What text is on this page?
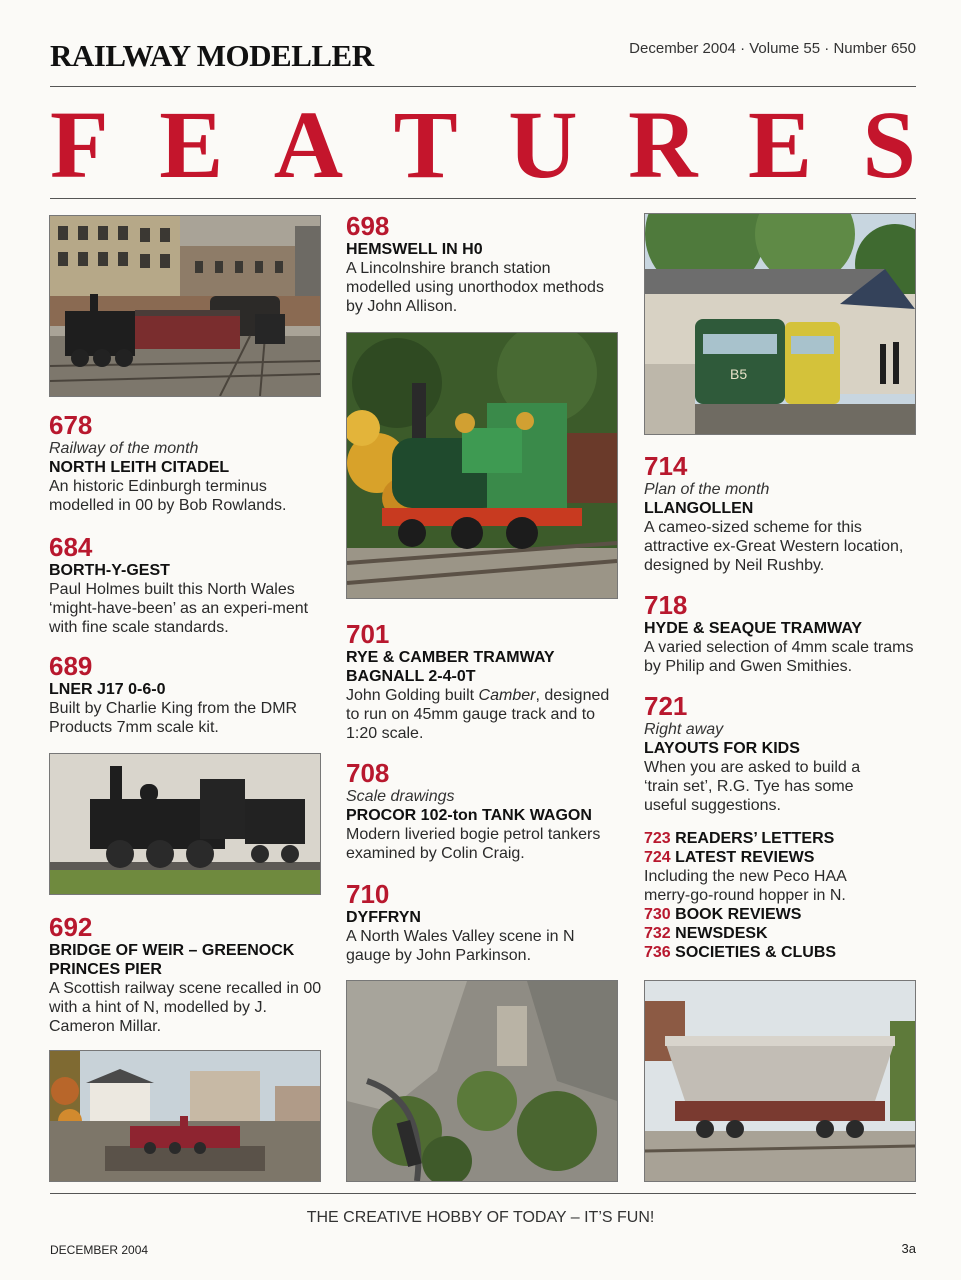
RAILWAY MODELLER	December 2004 · Volume 55 · Number 650
F E A T U R E S
678
Railway of the month
NORTH LEITH CITADEL
An historic Edinburgh terminus modelled in 00 by Bob Rowlands.
684
BORTH-Y-GEST
Paul Holmes built this North Wales ‘might-have-been’ as an experi-ment with fine scale standards.
689
LNER J17 0-6-0
Built by Charlie King from the DMR Products 7mm scale kit.
692
BRIDGE OF WEIR – GREENOCK PRINCES PIER
A Scottish railway scene recalled in 00 with a hint of N, modelled by J. Cameron Millar.
698
HEMSWELL IN H0
A Lincolnshire branch station modelled using unorthodox methods by John Allison.
701
RYE & CAMBER TRAMWAY BAGNALL 2-4-0T
John Golding built Camber, designed to run on 45mm gauge track and to 1:20 scale.
708
Scale drawings
PROCOR 102-ton TANK WAGON
Modern liveried bogie petrol tankers examined by Colin Craig.
710
DYFFRYN
A North Wales Valley scene in N gauge by John Parkinson.
B5
714
Plan of the month
LLANGOLLEN
A cameo-sized scheme for this attractive ex-Great Western location, designed by Neil Rushby.
718
HYDE & SEAQUE TRAMWAY
A varied selection of 4mm scale trams by Philip and Gwen Smithies.
721
Right away
LAYOUTS FOR KIDS
When you are asked to build a ‘train set’, R.G. Tye has some useful suggestions.
723 READERS’ LETTERS
724 LATEST REVIEWS
Including the new Peco HAA merry-go-round hopper in N.
730 BOOK REVIEWS
732 NEWSDESK
736 SOCIETIES & CLUBS
THE CREATIVE HOBBY OF TODAY – IT’S FUN!
DECEMBER 2004	3a
